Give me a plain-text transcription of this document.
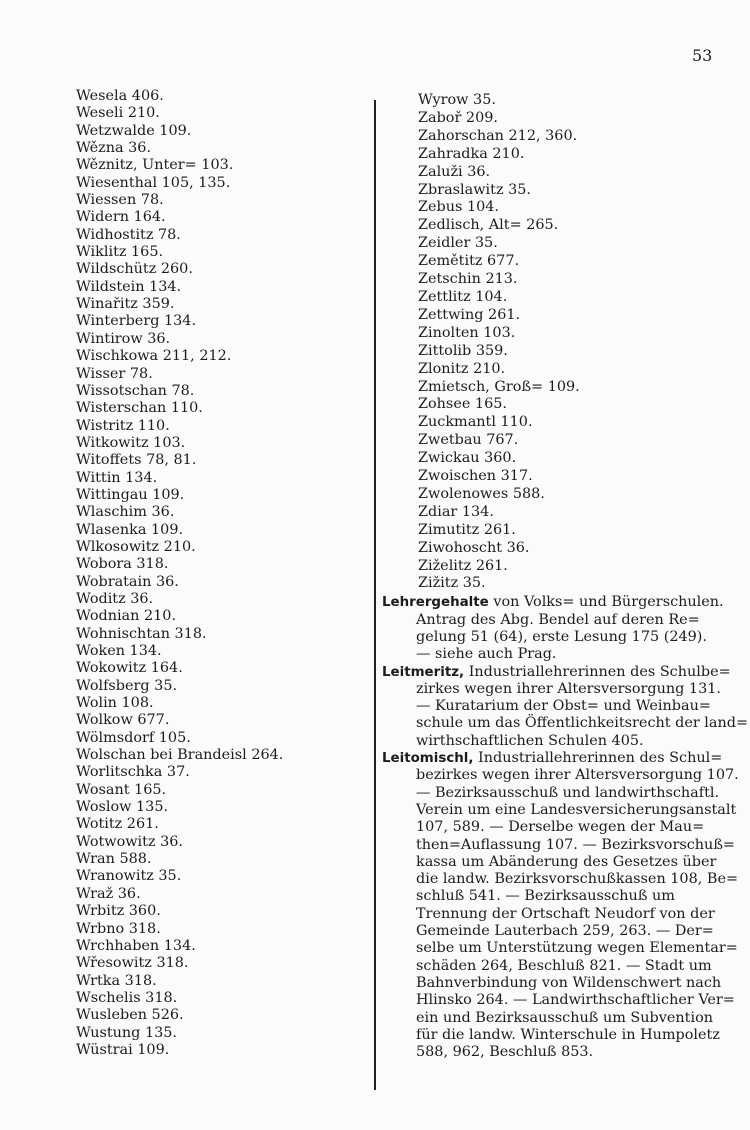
53
Wesela 406.
Weseli 210.
Wetzwalde 109.
Wězna 36.
Wěznitz, Unter= 103.
Wiesenthal 105, 135.
Wiessen 78.
Widern 164.
Widhostitz 78.
Wiklitz 165.
Wildschütz 260.
Wildstein 134.
Winařitz 359.
Winterberg 134.
Wintirow 36.
Wischkowa 211, 212.
Wisser 78.
Wissotschan 78.
Wisterschan 110.
Wistritz 110.
Witkowitz 103.
Witoffets 78, 81.
Wittin 134.
Wittingau 109.
Wlaschim 36.
Wlasenka 109.
Wlkosowitz 210.
Wobora 318.
Wobratain 36.
Woditz 36.
Wodnian 210.
Wohnischtan 318.
Woken 134.
Wokowitz 164.
Wolfsberg 35.
Wolin 108.
Wolkow 677.
Wölmsdorf 105.
Wolschan bei Brandeisl 264.
Worlitschka 37.
Wosant 165.
Woslow 135.
Wotitz 261.
Wotwowitz 36.
Wran 588.
Wranowitz 35.
Wraž 36.
Wrbitz 360.
Wrbno 318.
Wrchhaben 134.
Wřesowitz 318.
Wrtka 318.
Wschelis 318.
Wusleben 526.
Wustung 135.
Wüstrai 109.
Wyrow 35.
Zaboř 209.
Zahorschan 212, 360.
Zahradka 210.
Zaluži 36.
Zbraslawitz 35.
Zebus 104.
Zedlisch, Alt= 265.
Zeidler 35.
Zemětitz 677.
Zetschin 213.
Zettlitz 104.
Zettwing 261.
Zinolten 103.
Zittolib 359.
Zlonitz 210.
Zmietsch, Groß= 109.
Zohsee 165.
Zuckmantl 110.
Zwetbau 767.
Zwickau 360.
Zwoischen 317.
Zwolenowes 588.
Zdiar 134.
Zimutitz 261.
Ziwohoscht 36.
Ziželitz 261.
Zižitz 35.
Lehrergehalte von Volks= und Bürgerschulen.
Antrag des Abg. Bendel auf deren Re=
gelung 51 (64), erste Lesung 175 (249).
— siehe auch Prag.
Leitmeritz, Industriallehrerinnen des Schulbe=
zirkes wegen ihrer Altersversorgung 131.
— Kuratarium der Obst= und Weinbau=
schule um das Öffentlichkeitsrecht der land=
wirthschaftlichen Schulen 405.
Leitomischl, Industriallehrerinnen des Schul=
bezirkes wegen ihrer Altersversorgung 107.
— Bezirksausschuß und landwirthschaftl.
Verein um eine Landesversicherungsanstalt
107, 589. — Derselbe wegen der Mau=
then=Auflassung 107. — Bezirksvorschuß=
kassa um Abänderung des Gesetzes über
die landw. Bezirksvorschußkassen 108, Be=
schluß 541. — Bezirksausschuß um
Trennung der Ortschaft Neudorf von der
Gemeinde Lauterbach 259, 263. — Der=
selbe um Unterstützung wegen Elementar=
schäden 264, Beschluß 821. — Stadt um
Bahnverbindung von Wildenschwert nach
Hlinsko 264. — Landwirthschaftlicher Ver=
ein und Bezirksausschuß um Subvention
für die landw. Winterschule in Humpoletz
588, 962, Beschluß 853.
